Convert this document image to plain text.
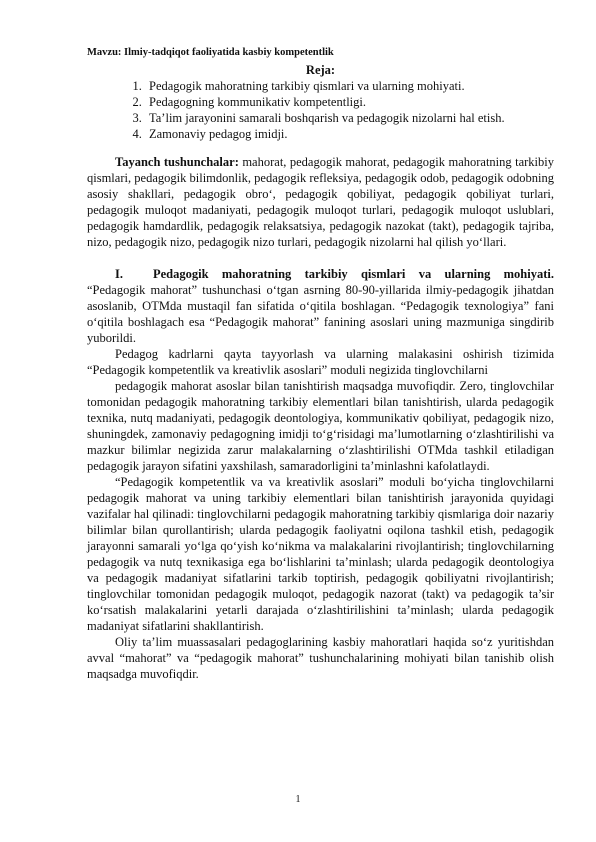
Mavzu: Ilmiy-tadqiqot faoliyatida kasbiy kompetentlik
Reja:
1. Pedagogik mahoratning tarkibiy qismlari va ularning mohiyati.
2. Pedagogning kommunikativ kompetentligi.
3. Ta’lim jarayonini samarali boshqarish va pedagogik nizolarni hal etish.
4. Zamonaviy pedagog imidji.

Tayanch tushunchalar: mahorat, pedagogik mahorat, pedagogik mahoratning tarkibiy qismlari, pedagogik bilimdonlik, pedagogik refleksiya, pedagogik odob, pedagogik odobning asosiy shakllari, pedagogik obro‘, pedagogik qobiliyat, pedagogik qobiliyat turlari, pedagogik muloqot madaniyati, pedagogik muloqot turlari, pedagogik muloqot uslublari, pedagogik hamdardlik, pedagogik relaksatsiya, pedagogik nazokat (takt), pedagogik tajriba, nizo, pedagogik nizo, pedagogik nizo turlari, pedagogik nizolarni hal qilish yo‘llari.

I. Pedagogik mahoratning tarkibiy qismlari va ularning mohiyati. “Pedagogik mahorat” tushunchasi o‘tgan asrning 80-90-yillarida ilmiy-pedagogik jihatdan asoslanib, OTMda mustaqil fan sifatida o‘qitila boshlagan. “Pedagogik texnologiya” fani o‘qitila boshlagach esa “Pedagogik mahorat” fanining asoslari uning mazmuniga singdirib yuborildi.

Pedagog kadrlarni qayta tayyorlash va ularning malakasini oshirish tizimida “Pedagogik kompetentlik va kreativlik asoslari” moduli negizida tinglovchilarni

pedagogik mahorat asoslar bilan tanishtirish maqsadga muvofiqdir. Zero, tinglovchilar tomonidan pedagogik mahoratning tarkibiy elementlari bilan tanishtirish, ularda pedagogik texnika, nutq madaniyati, pedagogik deontologiya, kommunikativ qobiliyat, pedagogik nizo, shuningdek, zamonaviy pedagogning imidji to‘g‘risidagi ma’lumotlarning o‘zlashtirilishi va mazkur bilimlar negizida zarur malakalarning o‘zlashtirilishi OTMda tashkil etiladigan pedagogik jarayon sifatini yaxshilash, samaradorligini ta’minlashni kafolatlaydi.

“Pedagogik kompetentlik va va kreativlik asoslari” moduli bo‘yicha tinglovchilarni pedagogik mahorat va uning tarkibiy elementlari bilan tanishtirish jarayonida quyidagi vazifalar hal qilinadi: tinglovchilarni pedagogik mahoratning tarkibiy qismlariga doir nazariy bilimlar bilan qurollantirish; ularda pedagogik faoliyatni oqilona tashkil etish, pedagogik jarayonni samarali yo‘lga qo‘yish ko‘nikma va malakalarini rivojlantirish; tinglovchilarning pedagogik va nutq texnikasiga ega bo‘lishlarini ta’minlash; ularda pedagogik deontologiya va pedagogik madaniyat sifatlarini tarkib toptirish, pedagogik qobiliyatni rivojlantirish; tinglovchilar tomonidan pedagogik muloqot, pedagogik nazorat (takt) va pedagogik ta’sir ko‘rsatish malakalarini yetarli darajada o‘zlashtirilishini ta’minlash; ularda pedagogik madaniyat sifatlarini shakllantirish.

Oliy ta’lim muassasalari pedagoglarining kasbiy mahoratlari haqida so‘z yuritishdan avval “mahorat” va “pedagogik mahorat” tushunchalarining mohiyati bilan tanishib olish maqsadga muvofiqdir.

1
